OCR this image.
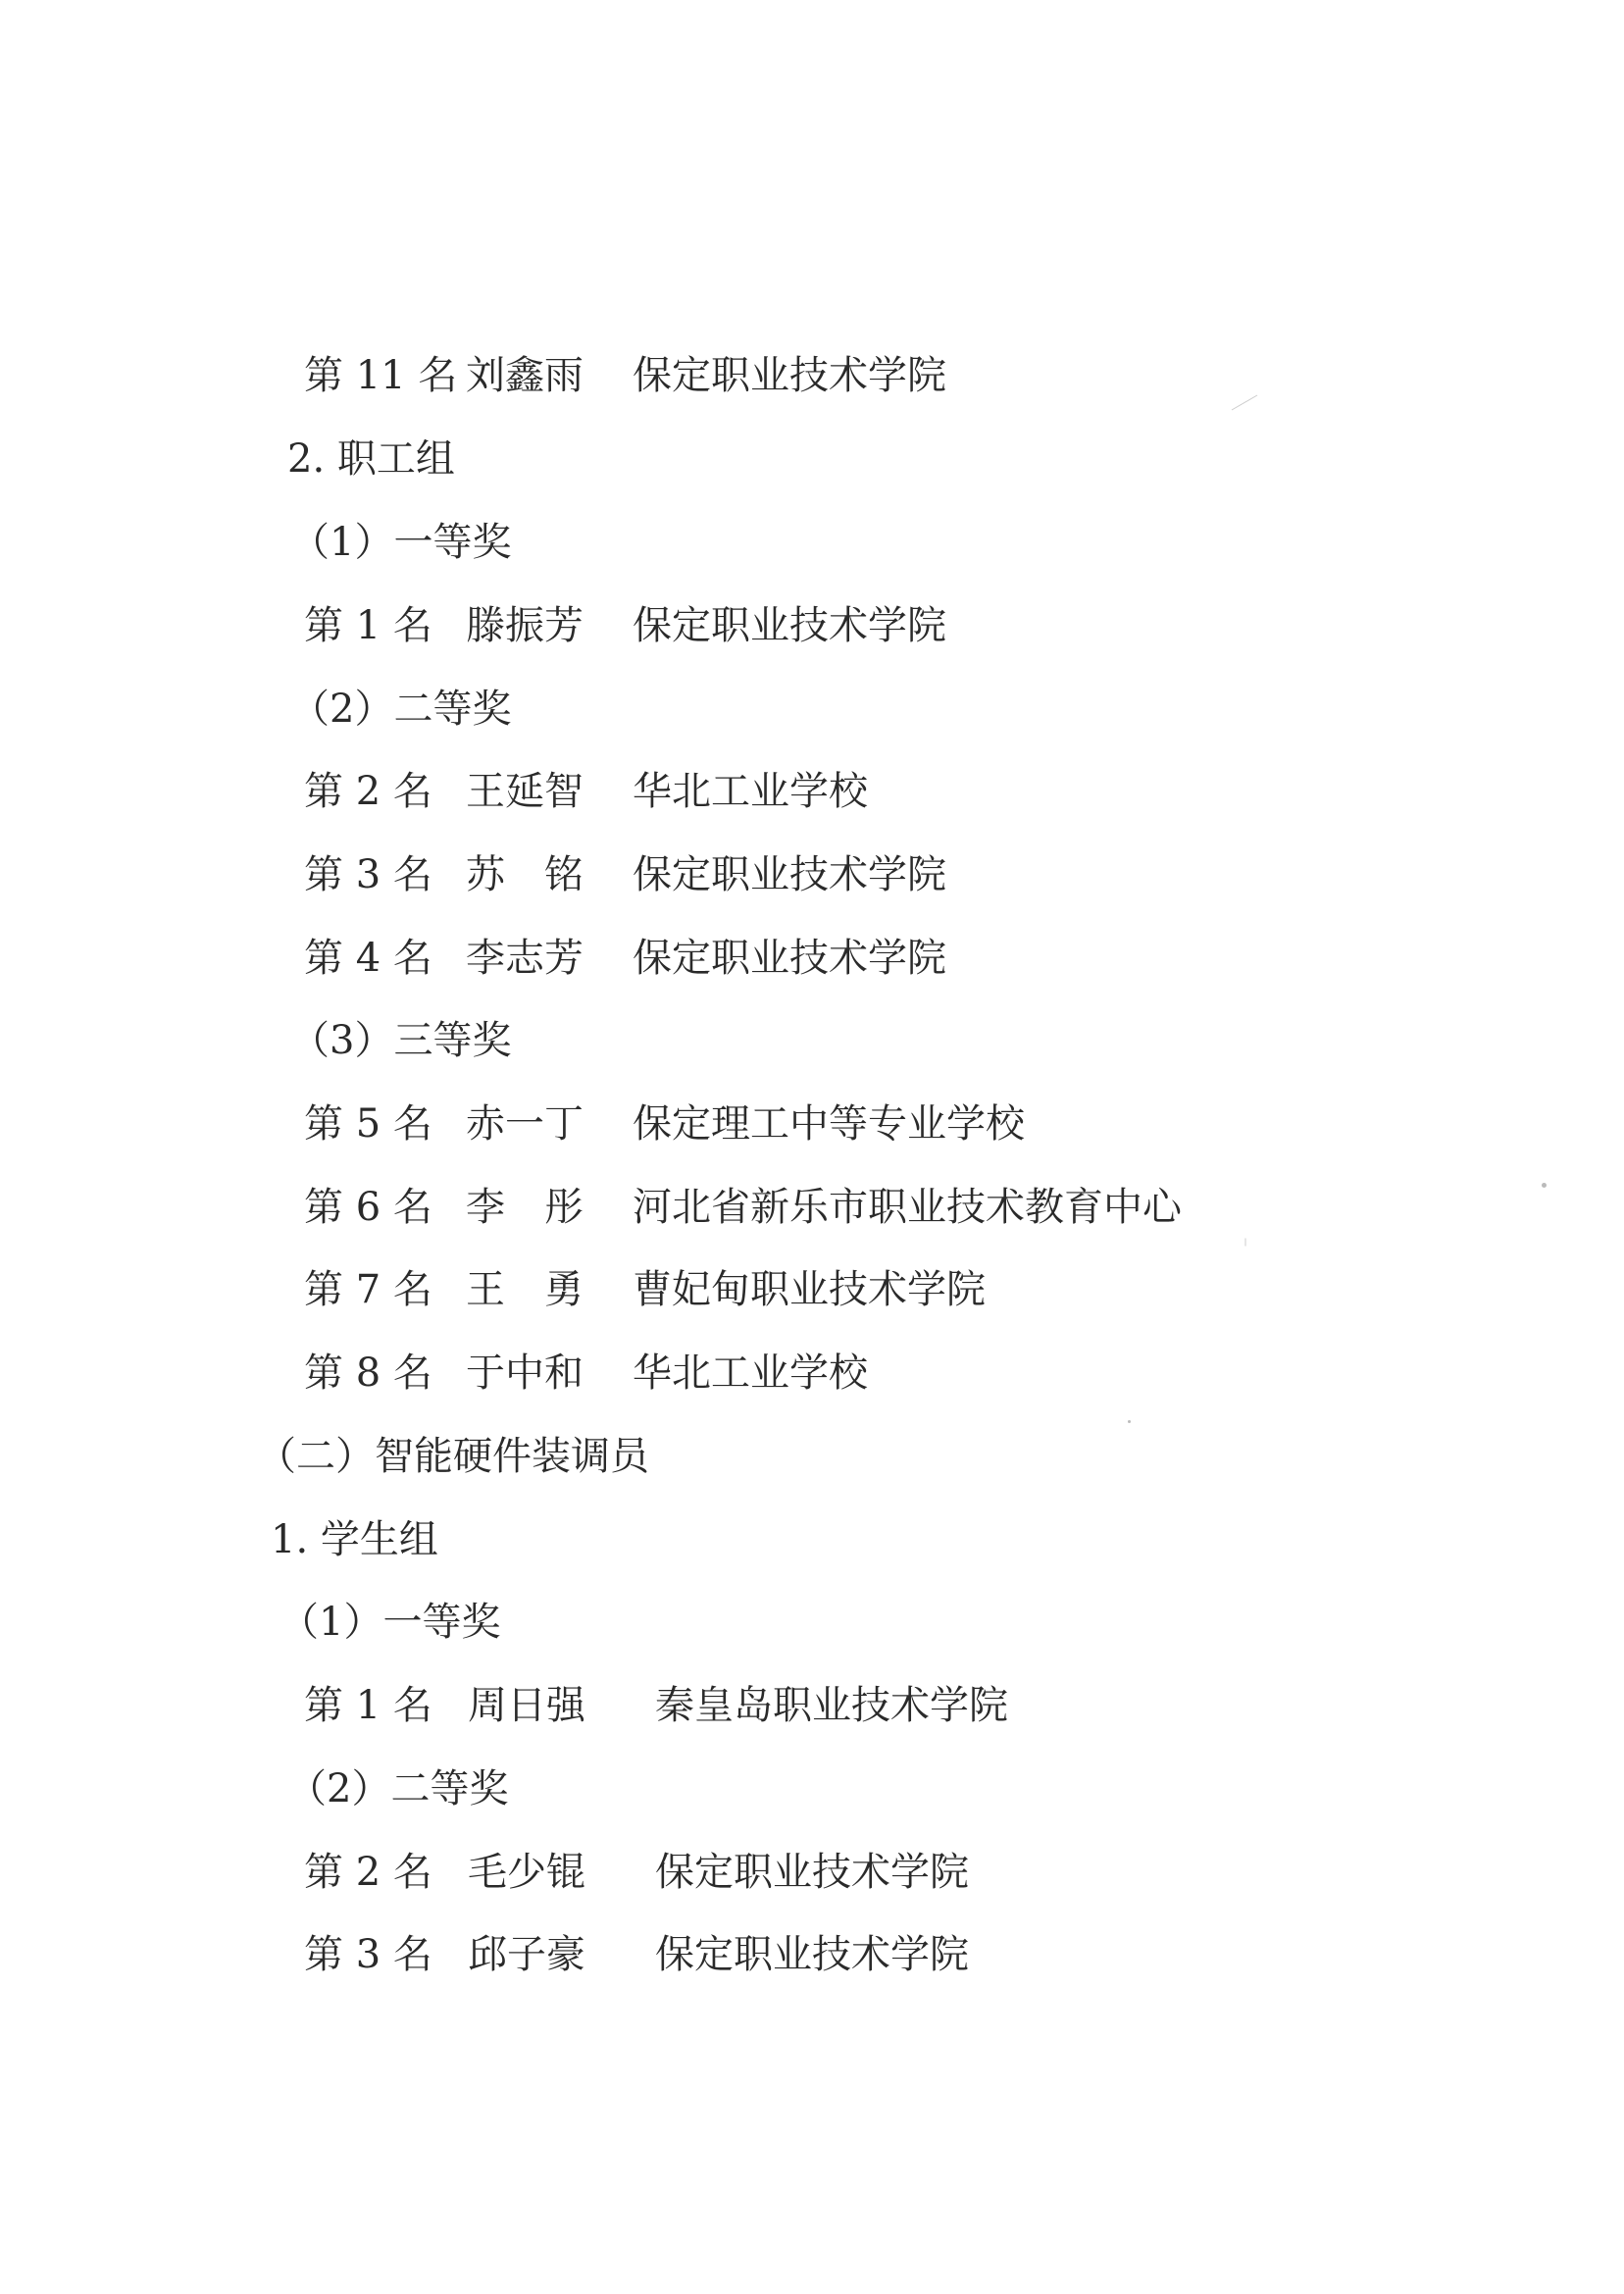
第 11 名 刘鑫雨 保定职业技术学院
2. 职工组
（1）一等奖
第 1 名 滕振芳 保定职业技术学院
（2）二等奖
第 2 名 王延智 华北工业学校
第 3 名 苏　铭 保定职业技术学院
第 4 名 李志芳 保定职业技术学院
（3）三等奖
第 5 名 赤一丁 保定理工中等专业学校
第 6 名 李　彤 河北省新乐市职业技术教育中心
第 7 名 王　勇 曹妃甸职业技术学院
第 8 名 于中和 华北工业学校
（二）智能硬件装调员
1. 学生组
（1）一等奖
第 1 名 周日强 秦皇岛职业技术学院
（2）二等奖
第 2 名 毛少锟 保定职业技术学院
第 3 名 邱子豪 保定职业技术学院
